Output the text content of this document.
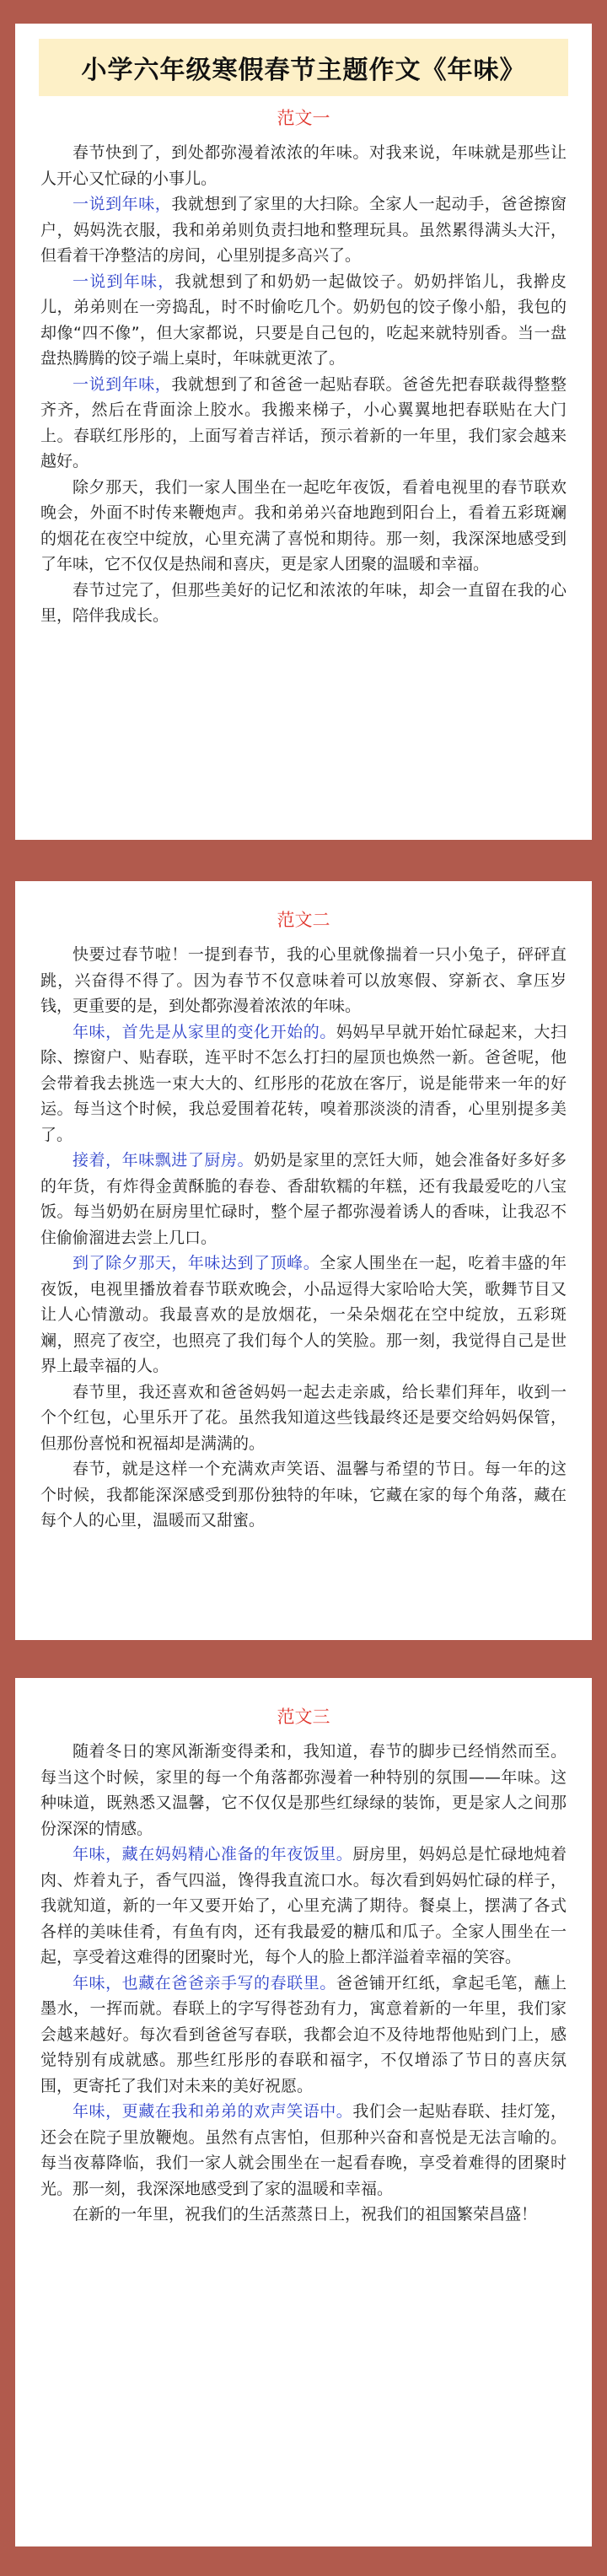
小学六年级寒假春节主题作文《年味》
范文一

春节快到了，到处都弥漫着浓浓的年味。对我来说，年味就是那些让人开心又忙碌的小事儿。

一说到年味，我就想到了家里的大扫除。全家人一起动手，爸爸擦窗户，妈妈洗衣服，我和弟弟则负责扫地和整理玩具。虽然累得满头大汗，但看着干净整洁的房间，心里别提多高兴了。

一说到年味，我就想到了和奶奶一起做饺子。奶奶拌馅儿，我擀皮儿，弟弟则在一旁捣乱，时不时偷吃几个。奶奶包的饺子像小船，我包的却像“四不像”，但大家都说，只要是自己包的，吃起来就特别香。当一盘盘热腾腾的饺子端上桌时，年味就更浓了。

一说到年味，我就想到了和爸爸一起贴春联。爸爸先把春联裁得整整齐齐，然后在背面涂上胶水。我搬来梯子，小心翼翼地把春联贴在大门上。春联红彤彤的，上面写着吉祥话，预示着新的一年里，我们家会越来越好。

除夕那天，我们一家人围坐在一起吃年夜饭，看着电视里的春节联欢晚会，外面不时传来鞭炮声。我和弟弟兴奋地跑到阳台上，看着五彩斑斓的烟花在夜空中绽放，心里充满了喜悦和期待。那一刻，我深深地感受到了年味，它不仅仅是热闹和喜庆，更是家人团聚的温暖和幸福。

春节过完了，但那些美好的记忆和浓浓的年味，却会一直留在我的心里，陪伴我成长。

范文二

快要过春节啦！一提到春节，我的心里就像揣着一只小兔子，砰砰直跳，兴奋得不得了。因为春节不仅意味着可以放寒假、穿新衣、拿压岁钱，更重要的是，到处都弥漫着浓浓的年味。

年味，首先是从家里的变化开始的。妈妈早早就开始忙碌起来，大扫除、擦窗户、贴春联，连平时不怎么打扫的屋顶也焕然一新。爸爸呢，他会带着我去挑选一束大大的、红彤彤的花放在客厅，说是能带来一年的好运。每当这个时候，我总爱围着花转，嗅着那淡淡的清香，心里别提多美了。

接着，年味飘进了厨房。奶奶是家里的烹饪大师，她会准备好多好多的年货，有炸得金黄酥脆的春卷、香甜软糯的年糕，还有我最爱吃的八宝饭。每当奶奶在厨房里忙碌时，整个屋子都弥漫着诱人的香味，让我忍不住偷偷溜进去尝上几口。

到了除夕那天，年味达到了顶峰。全家人围坐在一起，吃着丰盛的年夜饭，电视里播放着春节联欢晚会，小品逗得大家哈哈大笑，歌舞节目又让人心情激动。我最喜欢的是放烟花，一朵朵烟花在空中绽放，五彩斑斓，照亮了夜空，也照亮了我们每个人的笑脸。那一刻，我觉得自己是世界上最幸福的人。

春节里，我还喜欢和爸爸妈妈一起去走亲戚，给长辈们拜年，收到一个个红包，心里乐开了花。虽然我知道这些钱最终还是要交给妈妈保管，但那份喜悦和祝福却是满满的。

春节，就是这样一个充满欢声笑语、温馨与希望的节日。每一年的这个时候，我都能深深感受到那份独特的年味，它藏在家的每个角落，藏在每个人的心里，温暖而又甜蜜。

范文三

随着冬日的寒风渐渐变得柔和，我知道，春节的脚步已经悄然而至。每当这个时候，家里的每一个角落都弥漫着一种特别的氛围——年味。这种味道，既熟悉又温馨，它不仅仅是那些红绿绿的装饰，更是家人之间那份深深的情感。

年味，藏在妈妈精心准备的年夜饭里。厨房里，妈妈总是忙碌地炖着肉、炸着丸子，香气四溢，馋得我直流口水。每次看到妈妈忙碌的样子，我就知道，新的一年又要开始了，心里充满了期待。餐桌上，摆满了各式各样的美味佳肴，有鱼有肉，还有我最爱的糖瓜和瓜子。全家人围坐在一起，享受着这难得的团聚时光，每个人的脸上都洋溢着幸福的笑容。

年味，也藏在爸爸亲手写的春联里。爸爸铺开红纸，拿起毛笔，蘸上墨水，一挥而就。春联上的字写得苍劲有力，寓意着新的一年里，我们家会越来越好。每次看到爸爸写春联，我都会迫不及待地帮他贴到门上，感觉特别有成就感。那些红彤彤的春联和福字，不仅增添了节日的喜庆氛围，更寄托了我们对未来的美好祝愿。

年味，更藏在我和弟弟的欢声笑语中。我们会一起贴春联、挂灯笼，还会在院子里放鞭炮。虽然有点害怕，但那种兴奋和喜悦是无法言喻的。每当夜幕降临，我们一家人就会围坐在一起看春晚，享受着难得的团聚时光。那一刻，我深深地感受到了家的温暖和幸福。

在新的一年里，祝我们的生活蒸蒸日上，祝我们的祖国繁荣昌盛！
